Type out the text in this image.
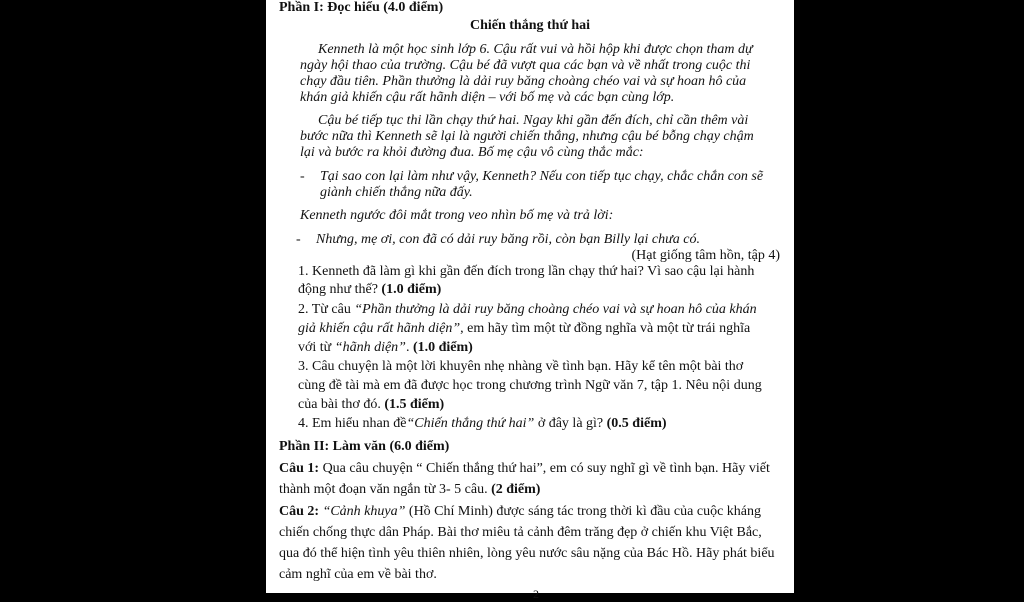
Phần I: Đọc hiểu (4.0 điểm)
Chiến thắng thứ hai
Kenneth là một học sinh lớp 6. Cậu rất vui và hồi hộp khi được chọn tham dự
ngày hội thao của trường. Cậu bé đã vượt qua các bạn và về nhất trong cuộc thi
chạy đầu tiên. Phần thưởng là dải ruy băng choàng chéo vai và sự hoan hô của
khán giả khiến cậu rất hãnh diện – với bố mẹ và các bạn cùng lớp.
Cậu bé tiếp tục thi lần chạy thứ hai. Ngay khi gần đến đích, chỉ cần thêm vài
bước nữa thì Kenneth sẽ lại là người chiến thắng, nhưng cậu bé bỗng chạy chậm
lại và bước ra khỏi đường đua. Bố mẹ cậu vô cùng thắc mắc:
- Tại sao con lại làm như vậy, Kenneth? Nếu con tiếp tục chạy, chắc chắn con sẽ
giành chiến thắng nữa đấy.
Kenneth ngước đôi mắt trong veo nhìn bố mẹ và trả lời:
- Nhưng, mẹ ơi, con đã có dải ruy băng rồi, còn bạn Billy lại chưa có.
(Hạt giống tâm hồn, tập 4)
1. Kenneth đã làm gì khi gần đến đích trong lần chạy thứ hai? Vì sao cậu lại hành
động như thế? (1.0 điểm)
2. Từ câu “Phần thưởng là dải ruy băng choàng chéo vai và sự hoan hô của khán
giả khiến cậu rất hãnh diện”, em hãy tìm một từ đồng nghĩa và một từ trái nghĩa
với từ “hãnh diện”. (1.0 điểm)
3. Câu chuyện là một lời khuyên nhẹ nhàng về tình bạn. Hãy kể tên một bài thơ
cùng đề tài mà em đã được học trong chương trình Ngữ văn 7, tập 1. Nêu nội dung
của bài thơ đó. (1.5 điểm)
4. Em hiểu nhan đề“Chiến thắng thứ hai” ở đây là gì? (0.5 điểm)
Phần II: Làm văn (6.0 điểm)
Câu 1: Qua câu chuyện “ Chiến thắng thứ hai”, em có suy nghĩ gì về tình bạn. Hãy viết
thành một đoạn văn ngắn từ 3- 5 câu. (2 điểm)
Câu 2: “Cảnh khuya” (Hồ Chí Minh) được sáng tác trong thời kì đầu của cuộc kháng
chiến chống thực dân Pháp. Bài thơ miêu tả cảnh đêm trăng đẹp ở chiến khu Việt Bắc,
qua đó thể hiện tình yêu thiên nhiên, lòng yêu nước sâu nặng của Bác Hồ. Hãy phát biểu
cảm nghĩ của em về bài thơ.
2
